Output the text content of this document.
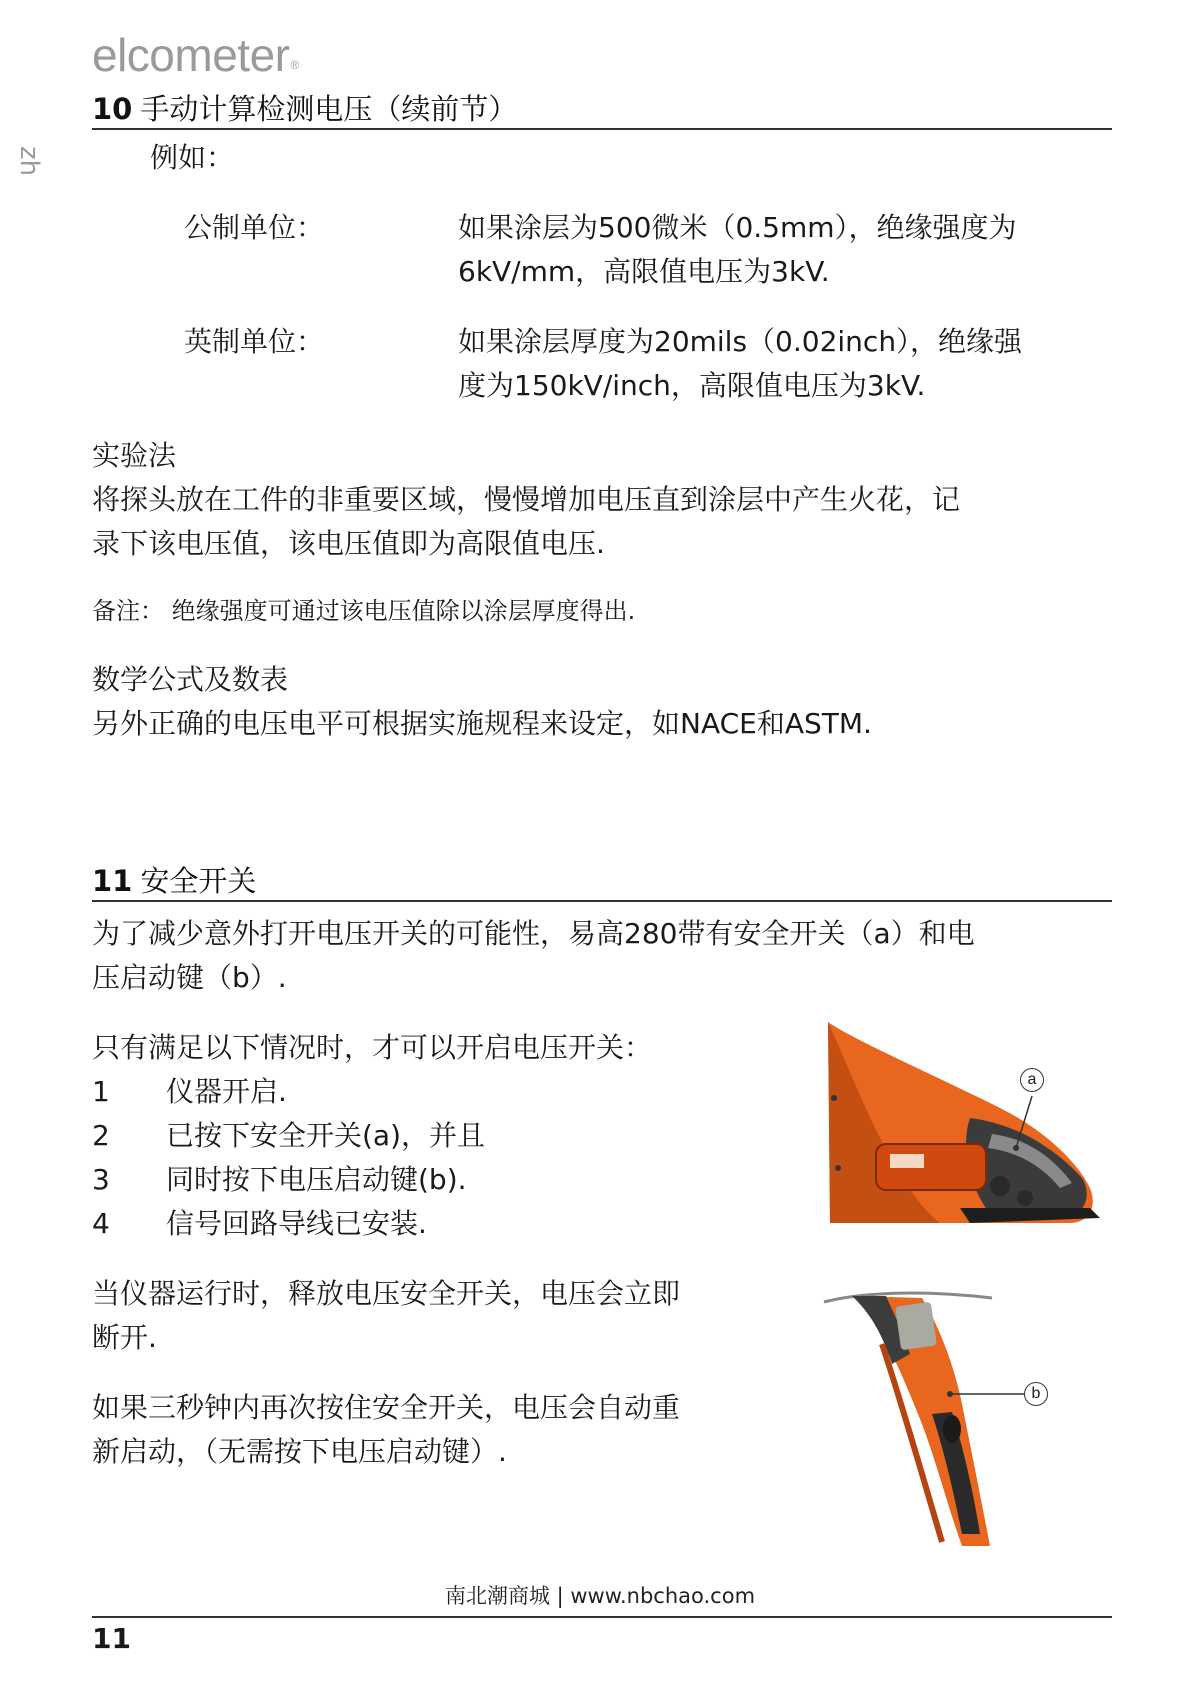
elcometer®
zh
10 手动计算检测电压（续前节）
例如：
公制单位：	如果涂层为500微米（0.5mm），绝缘强度为
6kV/mm，高限值电压为3kV.
英制单位：	如果涂层厚度为20mils（0.02inch），绝缘强
度为150kV/inch，高限值电压为3kV.
实验法
将探头放在工件的非重要区域，慢慢增加电压直到涂层中产生火花，记
录下该电压值，该电压值即为高限值电压.
备注： 绝缘强度可通过该电压值除以涂层厚度得出.
数学公式及数表
另外正确的电压电平可根据实施规程来设定，如NACE和ASTM.
11 安全开关
为了减少意外打开电压开关的可能性，易高280带有安全开关（a）和电
压启动键（b）.
只有满足以下情况时，才可以开启电压开关：
1	仪器开启.
2	已按下安全开关(a)，并且
3	同时按下电压启动键(b).
4	信号回路导线已安装.
当仪器运行时，释放电压安全开关，电压会立即
断开.
如果三秒钟内再次按住安全开关，电压会自动重
新启动，（无需按下电压启动键）.
a
b
南北潮商城 | www.nbchao.com
11
